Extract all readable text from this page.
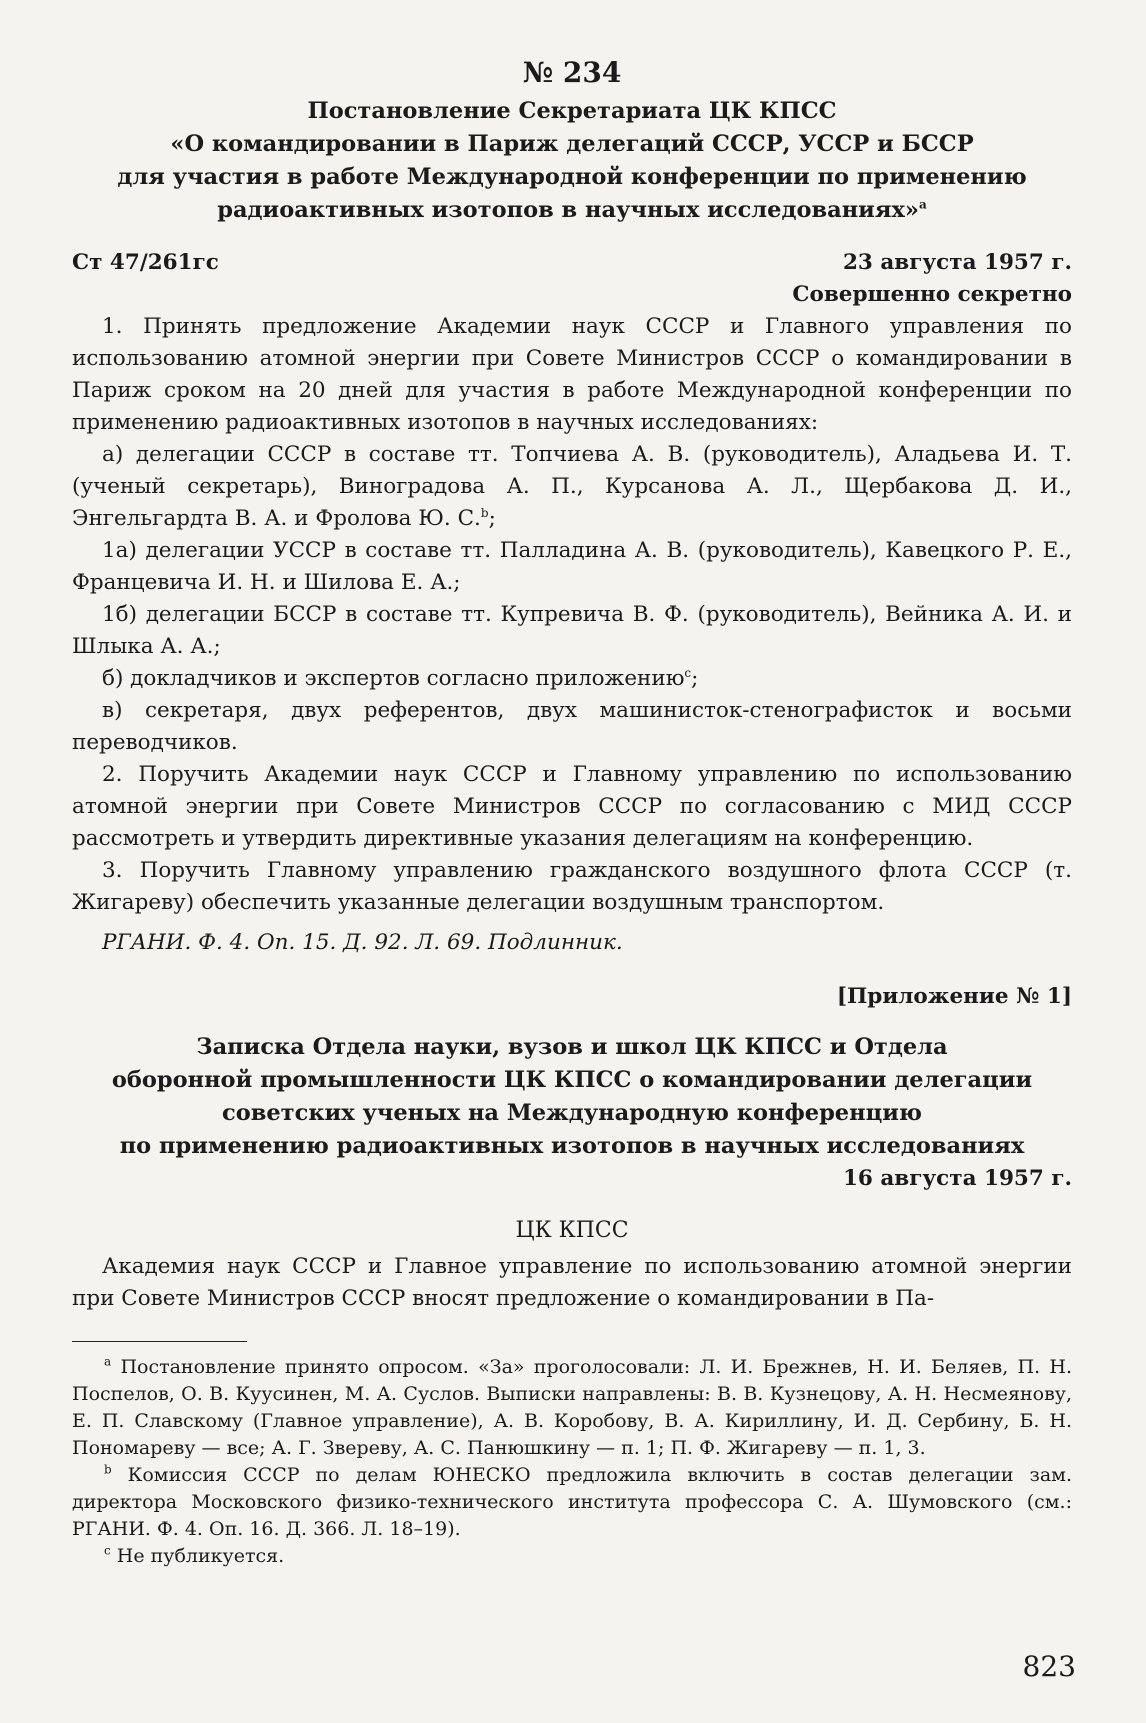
№ 234
Постановление Секретариата ЦК КПСС
«О командировании в Париж делегаций СССР, УССР и БССР
для участия в работе Международной конференции по применению
радиоактивных изотопов в научных исследованиях»$^a$
Ст 47/261гс	23 августа 1957 г.
Совершенно секретно

1. Принять предложение Академии наук СССР и Главного управления по использованию атомной энергии при Совете Министров СССР о командировании в Париж сроком на 20 дней для участия в работе Международной конференции по применению радиоактивных изотопов в научных исследованиях:

а) делегации СССР в составе тт. Топчиева А. В. (руководитель), Аладьева И. Т. (ученый секретарь), Виноградова А. П., Курсанова А. Л., Щербакова Д. И., Энгельгардта В. А. и Фролова Ю. С.$^b$;

1а) делегации УССР в составе тт. Палладина А. В. (руководитель), Кавецкого Р. Е., Францевича И. Н. и Шилова Е. А.;

1б) делегации БССР в составе тт. Купревича В. Ф. (руководитель), Вейника А. И. и Шлыка А. А.;

б) докладчиков и экспертов согласно приложению$^c$;

в) секретаря, двух референтов, двух машинисток-стенографисток и восьми переводчиков.

2. Поручить Академии наук СССР и Главному управлению по использованию атомной энергии при Совете Министров СССР по согласованию с МИД СССР рассмотреть и утвердить директивные указания делегациям на конференцию.

3. Поручить Главному управлению гражданского воздушного флота СССР (т. Жигареву) обеспечить указанные делегации воздушным транспортом.

РГАНИ. Ф. 4. Оп. 15. Д. 92. Л. 69. Подлинник.

[Приложение № 1]
Записка Отдела науки, вузов и школ ЦК КПСС и Отдела
оборонной промышленности ЦК КПСС о командировании делегации
советских ученых на Международную конференцию
по применению радиоактивных изотопов в научных исследованиях
16 августа 1957 г.
ЦК КПСС

Академия наук СССР и Главное управление по использованию атомной энергии при Совете Министров СССР вносят предложение о командировании в Па-

$^a$ Постановление принято опросом. «За» проголосовали: Л. И. Брежнев, Н. И. Беляев, П. Н. Поспелов, О. В. Куусинен, М. А. Суслов. Выписки направлены: В. В. Кузнецову, А. Н. Несмеянову, Е. П. Славскому (Главное управление), А. В. Коробову, В. А. Кириллину, И. Д. Сербину, Б. Н. Пономареву — все; А. Г. Звереву, А. С. Панюшкину — п. 1; П. Ф. Жигареву — п. 1, 3.

$^b$ Комиссия СССР по делам ЮНЕСКО предложила включить в состав делегации зам. директора Московского физико-технического института профессора С. А. Шумовского (см.: РГАНИ. Ф. 4. Оп. 16. Д. 366. Л. 18–19).

$^c$ Не публикуется.

823
